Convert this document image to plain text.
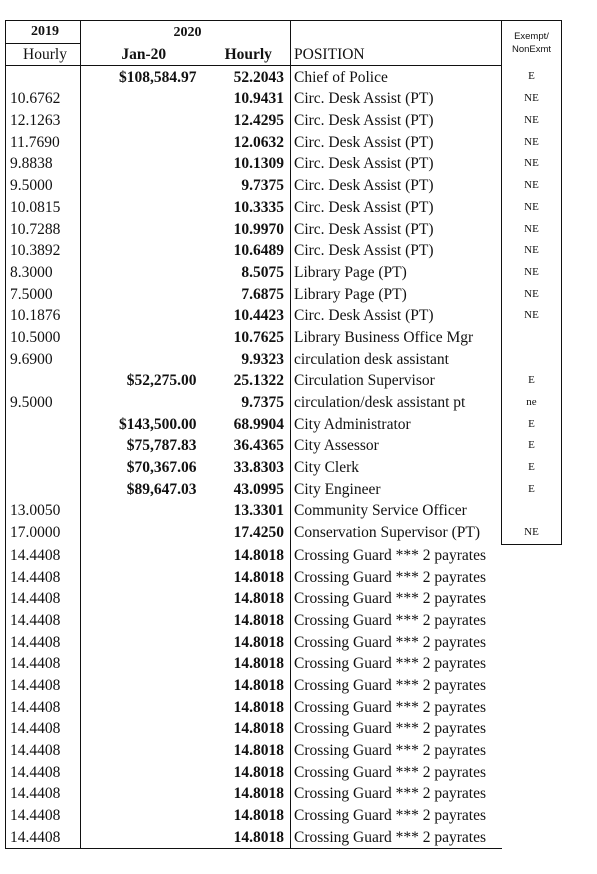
2019	2020			Exempt/
NonExmt
Hourly	Jan-20	Hourly	POSITION	
	$108,584.97	52.2043	Chief of Police	E
10.6762		10.9431	Circ. Desk Assist (PT)	NE
12.1263		12.4295	Circ. Desk Assist (PT)	NE
11.7690		12.0632	Circ. Desk Assist (PT)	NE
9.8838		10.1309	Circ. Desk Assist (PT)	NE
9.5000		9.7375	Circ. Desk Assist (PT)	NE
10.0815		10.3335	Circ. Desk Assist (PT)	NE
10.7288		10.9970	Circ. Desk Assist (PT)	NE
10.3892		10.6489	Circ. Desk Assist (PT)	NE
8.3000		8.5075	Library Page (PT)	NE
7.5000		7.6875	Library Page (PT)	NE
10.1876		10.4423	Circ. Desk Assist (PT)	NE
10.5000		10.7625	Library Business Office Mgr	
9.6900		9.9323	circulation desk assistant	
	$52,275.00	25.1322	Circulation Supervisor	E
9.5000		9.7375	circulation/desk assistant pt	ne
	$143,500.00	68.9904	City Administrator	E
	$75,787.83	36.4365	City Assessor	E
	$70,367.06	33.8303	City Clerk	E
	$89,647.03	43.0995	City Engineer	E
13.0050		13.3301	Community Service Officer	
17.0000		17.4250	Conservation Supervisor (PT)	NE
14.4408		14.8018	Crossing Guard *** 2 payrates	
14.4408		14.8018	Crossing Guard *** 2 payrates	
14.4408		14.8018	Crossing Guard *** 2 payrates	
14.4408		14.8018	Crossing Guard *** 2 payrates	
14.4408		14.8018	Crossing Guard *** 2 payrates	
14.4408		14.8018	Crossing Guard *** 2 payrates	
14.4408		14.8018	Crossing Guard *** 2 payrates	
14.4408		14.8018	Crossing Guard *** 2 payrates	
14.4408		14.8018	Crossing Guard *** 2 payrates	
14.4408		14.8018	Crossing Guard *** 2 payrates	
14.4408		14.8018	Crossing Guard *** 2 payrates	
14.4408		14.8018	Crossing Guard *** 2 payrates	
14.4408		14.8018	Crossing Guard *** 2 payrates	
14.4408		14.8018	Crossing Guard *** 2 payrates	
